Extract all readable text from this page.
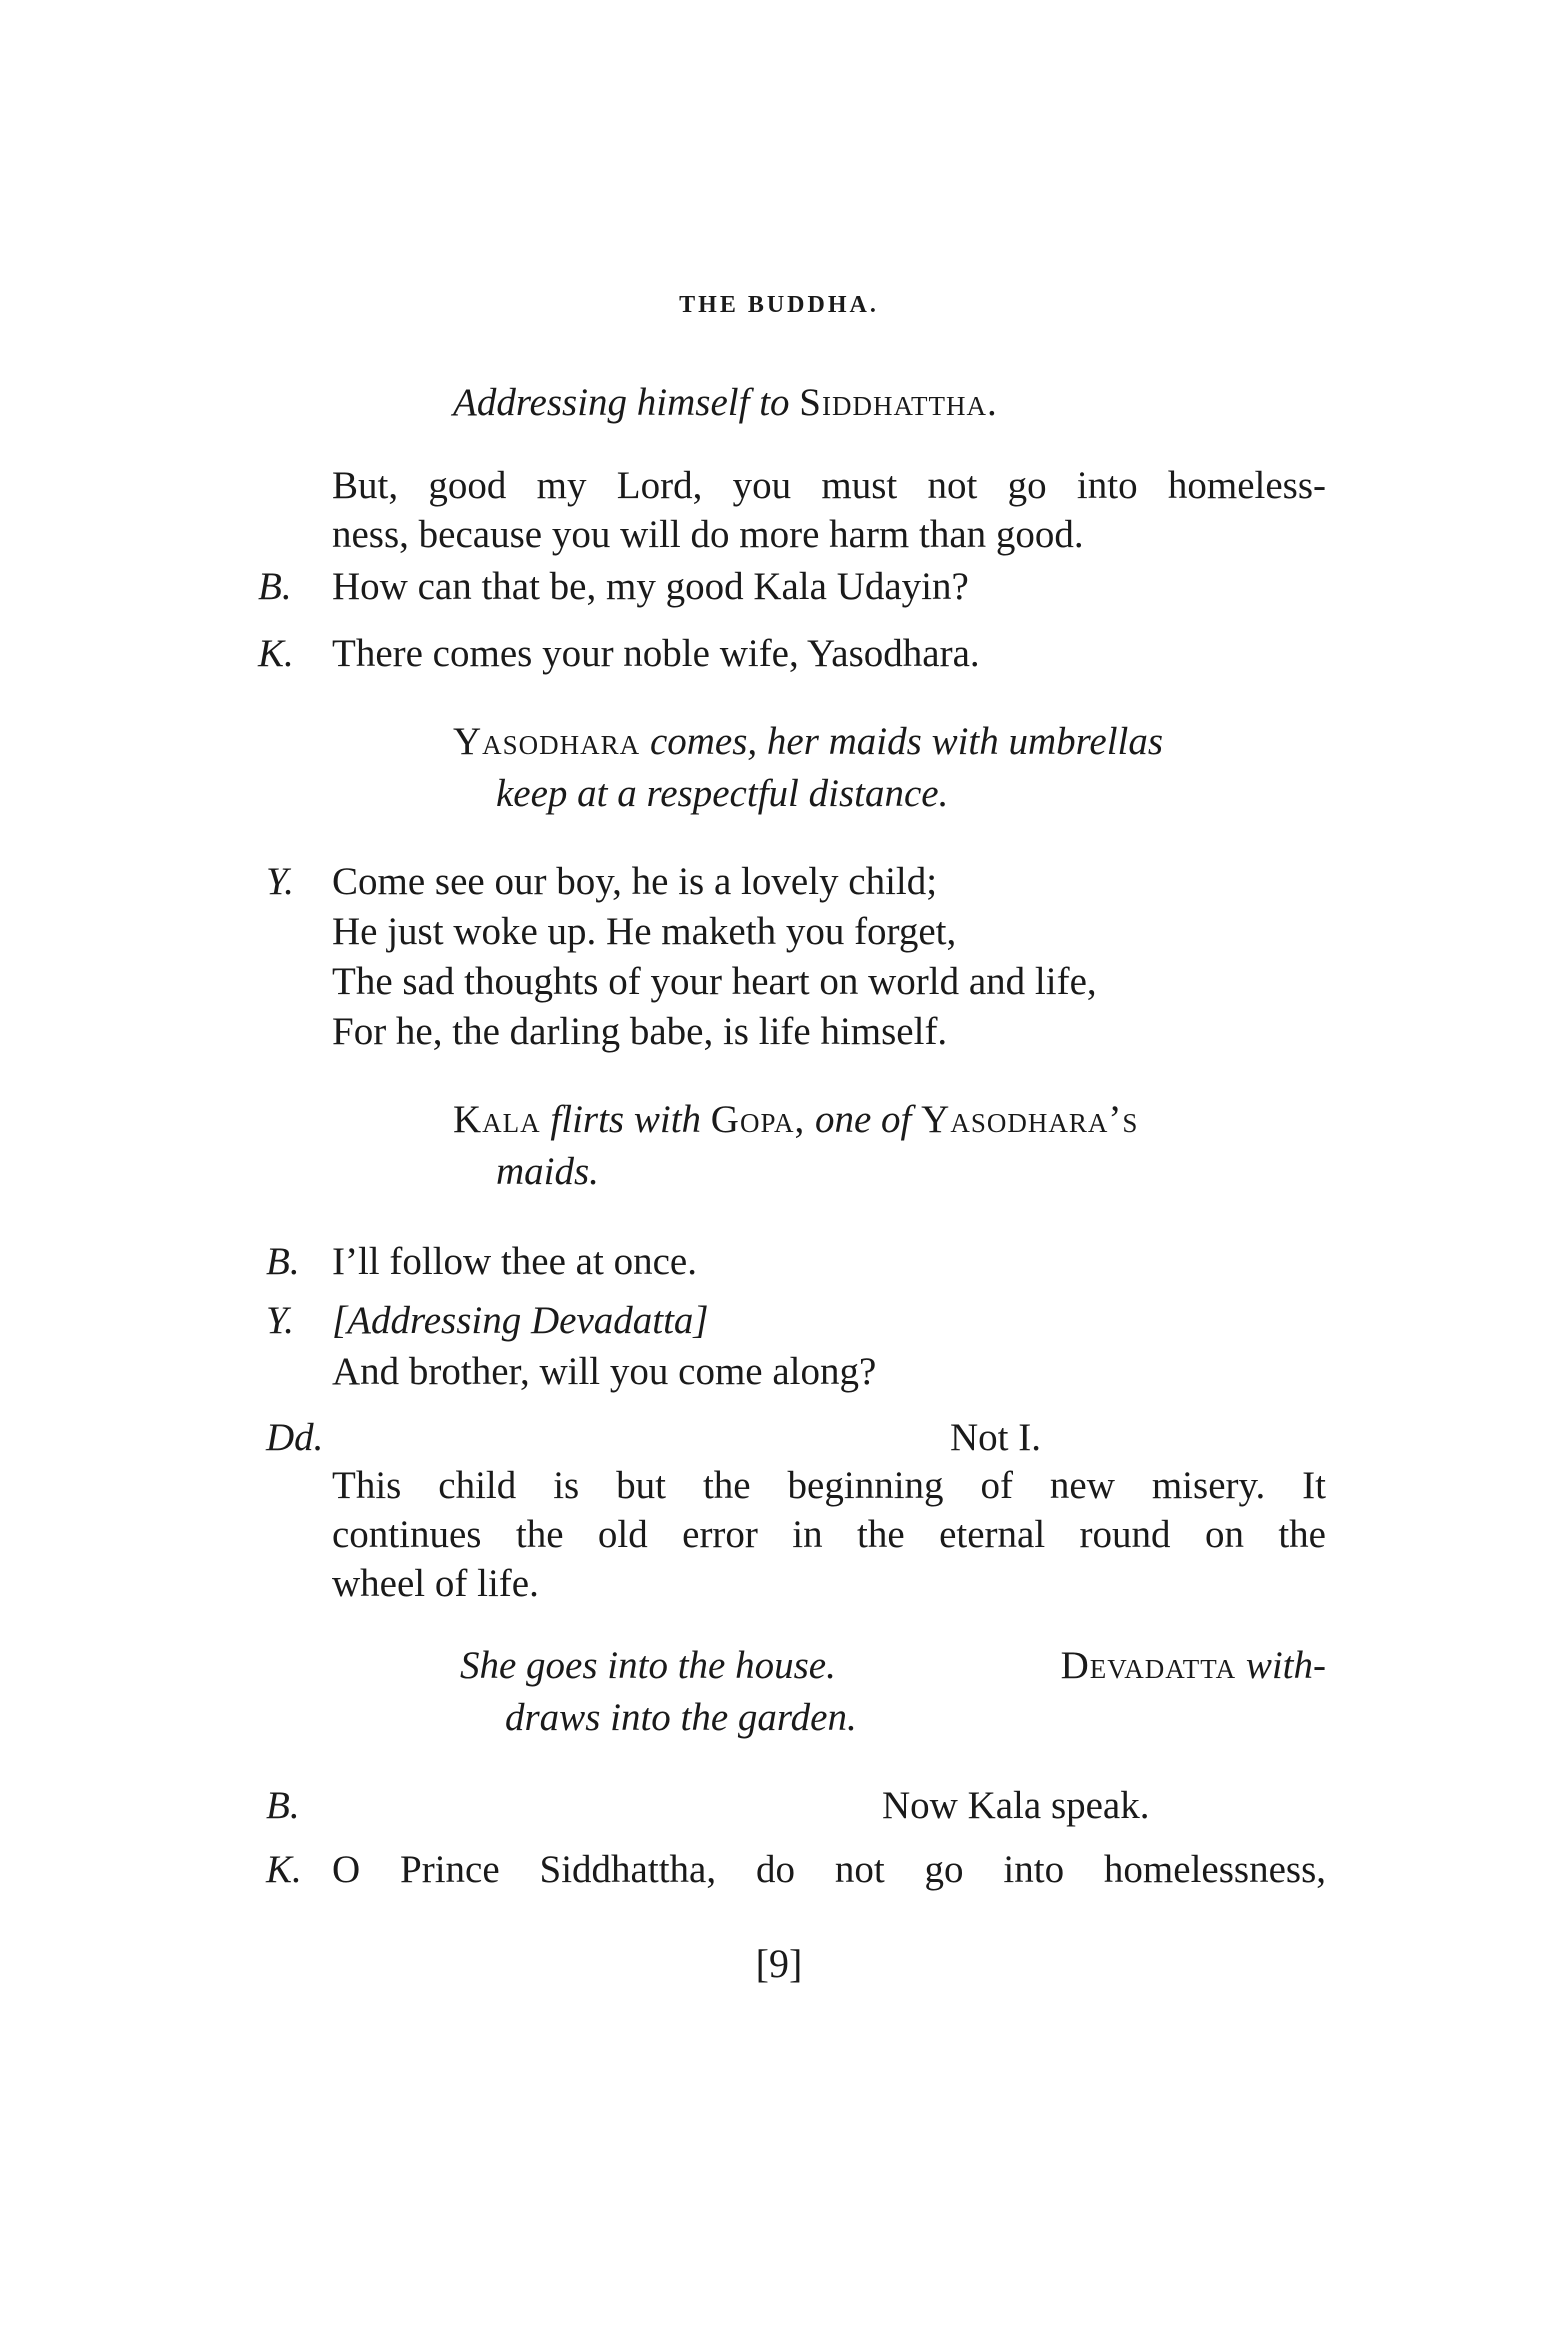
THE BUDDHA.
Addressing himself to Siddhattha.
But, good my Lord, you must not go into homeless-
ness, because you will do more harm than good.
B. How can that be, my good Kala Udayin?
K. There comes your noble wife, Yasodhara.
Yasodhara comes, her maids with umbrellas
keep at a respectful distance.
Y. Come see our boy, he is a lovely child;
He just woke up. He maketh you forget,
The sad thoughts of your heart on world and life,
For he, the darling babe, is life himself.
Kala flirts with Gopa, one of Yasodhara’s
maids.
B. I’ll follow thee at once.
Y. [Addressing Devadatta]
And brother, will you come along?
Dd.	Not I.
This child is but the beginning of new misery. It
continues the old error in the eternal round on the
wheel of life.
She goes into the house.	Devadatta with-
draws into the garden.
B.	Now Kala speak.
K. O Prince Siddhattha, do not go into homelessness,
[9]
